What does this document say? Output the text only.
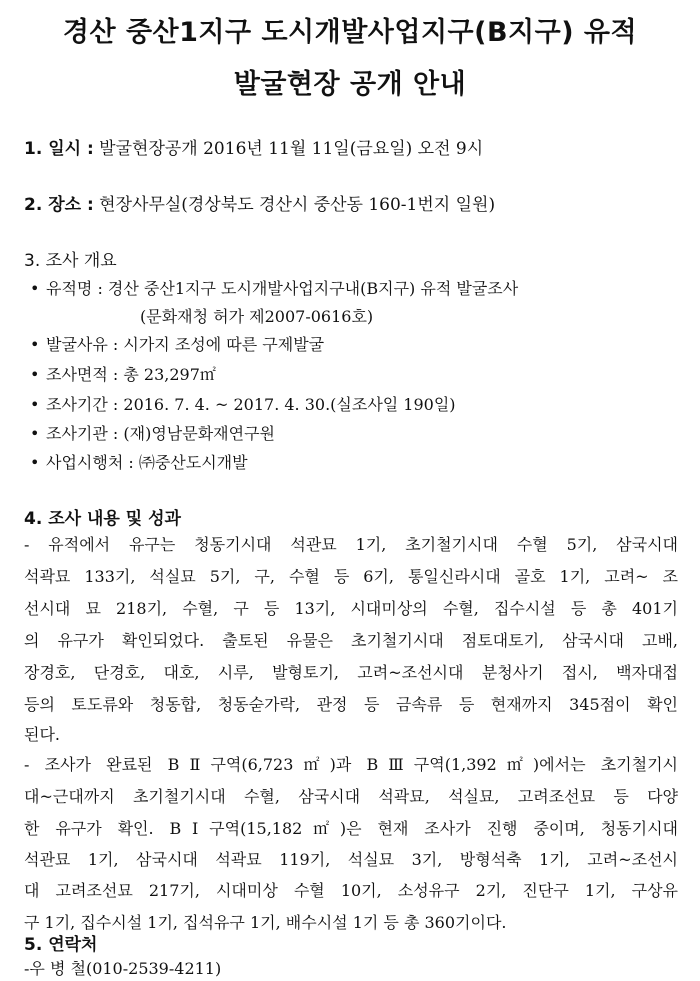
경산 중산1지구 도시개발사업지구(B지구) 유적
발굴현장 공개 안내
1. 일시 : 발굴현장공개 2016년 11월 11일(금요일) 오전 9시
2. 장소 : 현장사무실(경상북도 경산시 중산동 160-1번지 일원)
3. 조사 개요
• 유적명 : 경산 중산1지구 도시개발사업지구내(B지구) 유적 발굴조사
(문화재청 허가 제2007-0616호)
• 발굴사유 : 시가지 조성에 따른 구제발굴
• 조사면적 : 총 23,297㎡
• 조사기간 : 2016. 7. 4. ~ 2017. 4. 30.(실조사일 190일)
• 조사기관 : (재)영남문화재연구원
• 사업시행처 : ㈜중산도시개발
4. 조사 내용 및 성과
- 유적에서 유구는 청동기시대 석관묘 1기, 초기철기시대 수혈 5기, 삼국시대
석곽묘 133기, 석실묘 5기, 구, 수혈 등 6기, 통일신라시대 골호 1기, 고려~ 조
선시대 묘 218기, 수혈, 구 등 13기, 시대미상의 수혈, 집수시설 등 총 401기
의 유구가 확인되었다. 출토된 유물은 초기철기시대 점토대토기, 삼국시대 고배,
장경호, 단경호, 대호, 시루, 발형토기, 고려~조선시대 분청사기 접시, 백자대접
등의 토도류와 청동합, 청동숟가락, 관정 등 금속류 등 현재까지 345점이 확인
된다.
- 조사가 완료된 BⅡ구역(6,723㎡)과 BⅢ구역(1,392㎡)에서는 초기철기시
대~근대까지 초기철기시대 수혈, 삼국시대 석곽묘, 석실묘, 고려조선묘 등 다양
한 유구가 확인. BⅠ구역(15,182㎡)은 현재 조사가 진행 중이며, 청동기시대
석관묘 1기, 삼국시대 석곽묘 119기, 석실묘 3기, 방형석축 1기, 고려~조선시
대 고려조선묘 217기, 시대미상 수혈 10기, 소성유구 2기, 진단구 1기, 구상유
구 1기, 집수시설 1기, 집석유구 1기, 배수시설 1기 등 총 360기이다.
5. 연락처
-우 병 철(010-2539-4211)
